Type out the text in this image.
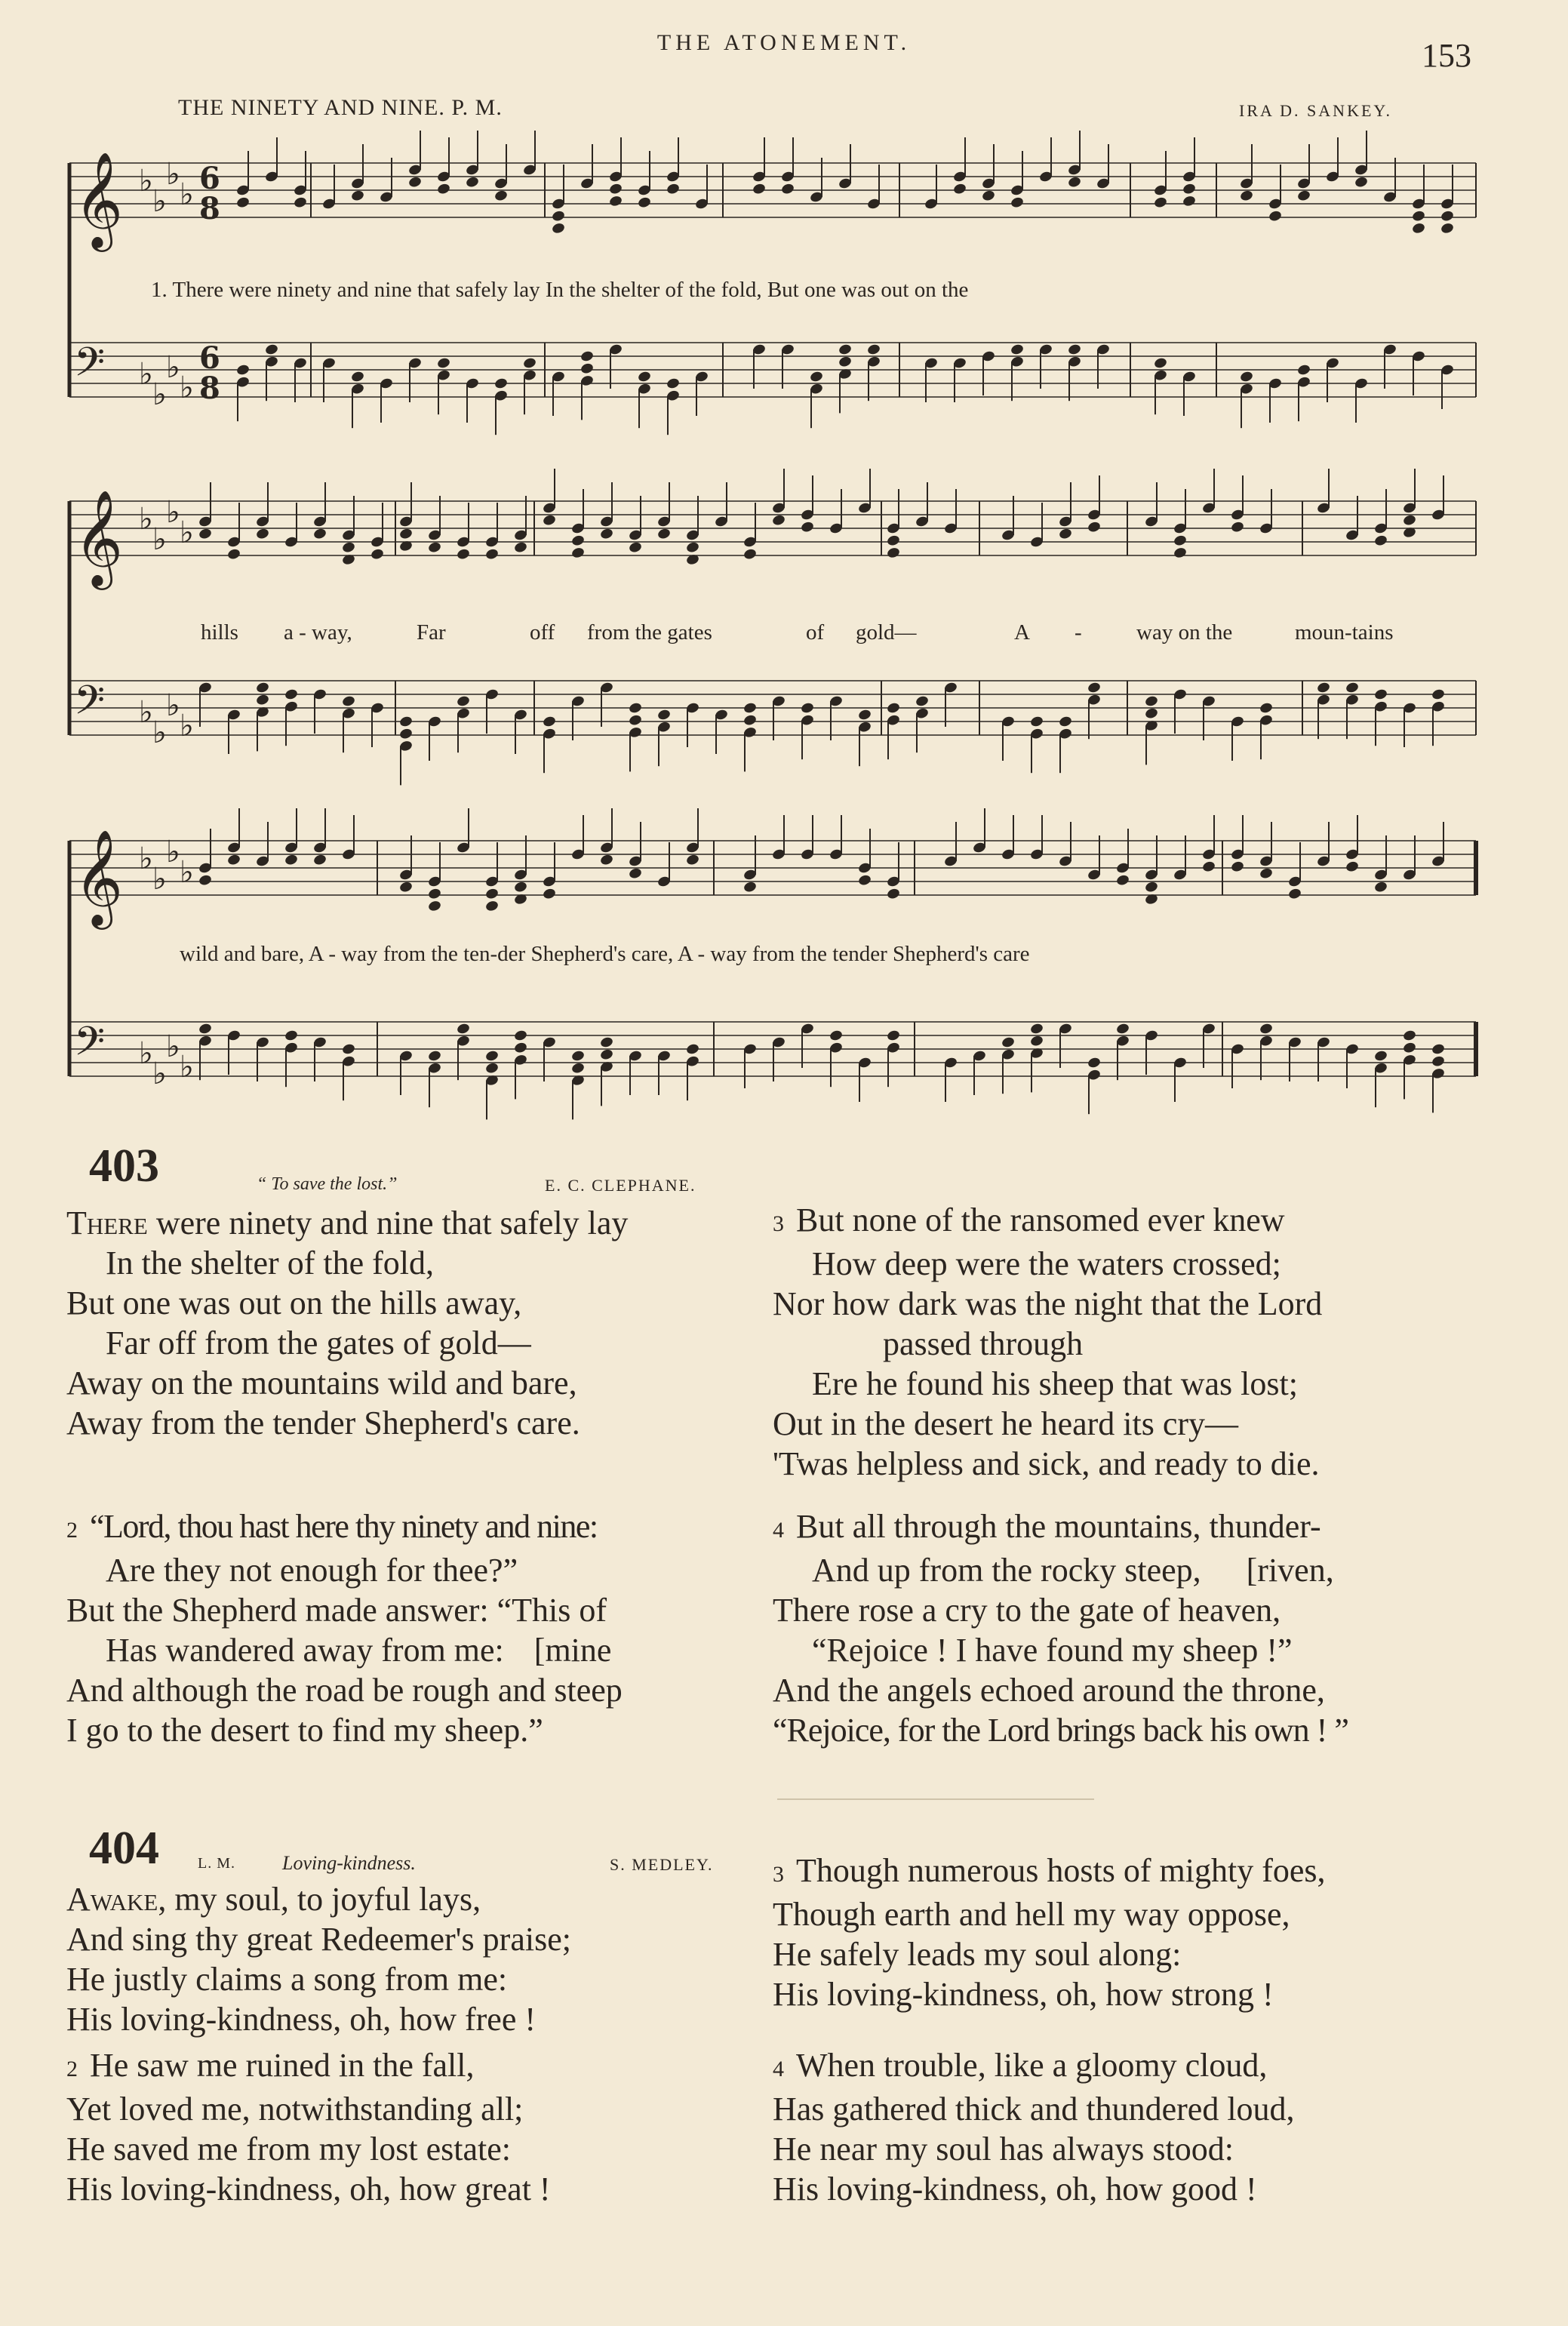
THE ATONEMENT.	153
THE NINETY AND NINE. P. M.	IRA D. SANKEY.
𝄞 ♭
♭
♭
♭ 6
8
𝄢 ♭
♭
♭
♭
6
8
𝄞 ♭
♭
♭
♭
𝄢 ♭
♭
♭
♭
𝄞 ♭
♭
♭
♭
𝄢 ♭
♭
♭
♭
1. There were ninety and nine that safely lay In the shelter of the fold, But one was out on the
hills a - way,	Far	off from the gates	of gold—	A - way on the	moun-tains
wild and bare, A - way from the ten-der Shepherd's care, A - way from the tender Shepherd's care
403	“ To save the lost.”	E. C. CLEPHANE.
There were ninety and nine that safely lay
In the shelter of the fold,
But one was out on the hills away,
Far off from the gates of gold—
Away on the mountains wild and bare,
Away from the tender Shepherd's care.
2 “Lord, thou hast here thy ninety and nine:
Are they not enough for thee?”
But the Shepherd made answer: “This of
Has wandered away from me: [mine
And although the road be rough and steep
I go to the desert to find my sheep.”
3 But none of the ransomed ever knew
How deep were the waters crossed;
Nor how dark was the night that the Lord
passed through
Ere he found his sheep that was lost;
Out in the desert he heard its cry—
'Twas helpless and sick, and ready to die.
4 But all through the mountains, thunder-
And up from the rocky steep, [riven,
There rose a cry to the gate of heaven,
“Rejoice ! I have found my sheep !”
And the angels echoed around the throne,
“Rejoice, for the Lord brings back his own ! ”
404	L. M. Loving-kindness.	S. MEDLEY.
Awake, my soul, to joyful lays,
And sing thy great Redeemer's praise;
He justly claims a song from me:
His loving-kindness, oh, how free !
2 He saw me ruined in the fall,
Yet loved me, notwithstanding all;
He saved me from my lost estate:
His loving-kindness, oh, how great !
3 Though numerous hosts of mighty foes,
Though earth and hell my way oppose,
He safely leads my soul along:
His loving-kindness, oh, how strong !
4 When trouble, like a gloomy cloud,
Has gathered thick and thundered loud,
He near my soul has always stood:
His loving-kindness, oh, how good !
